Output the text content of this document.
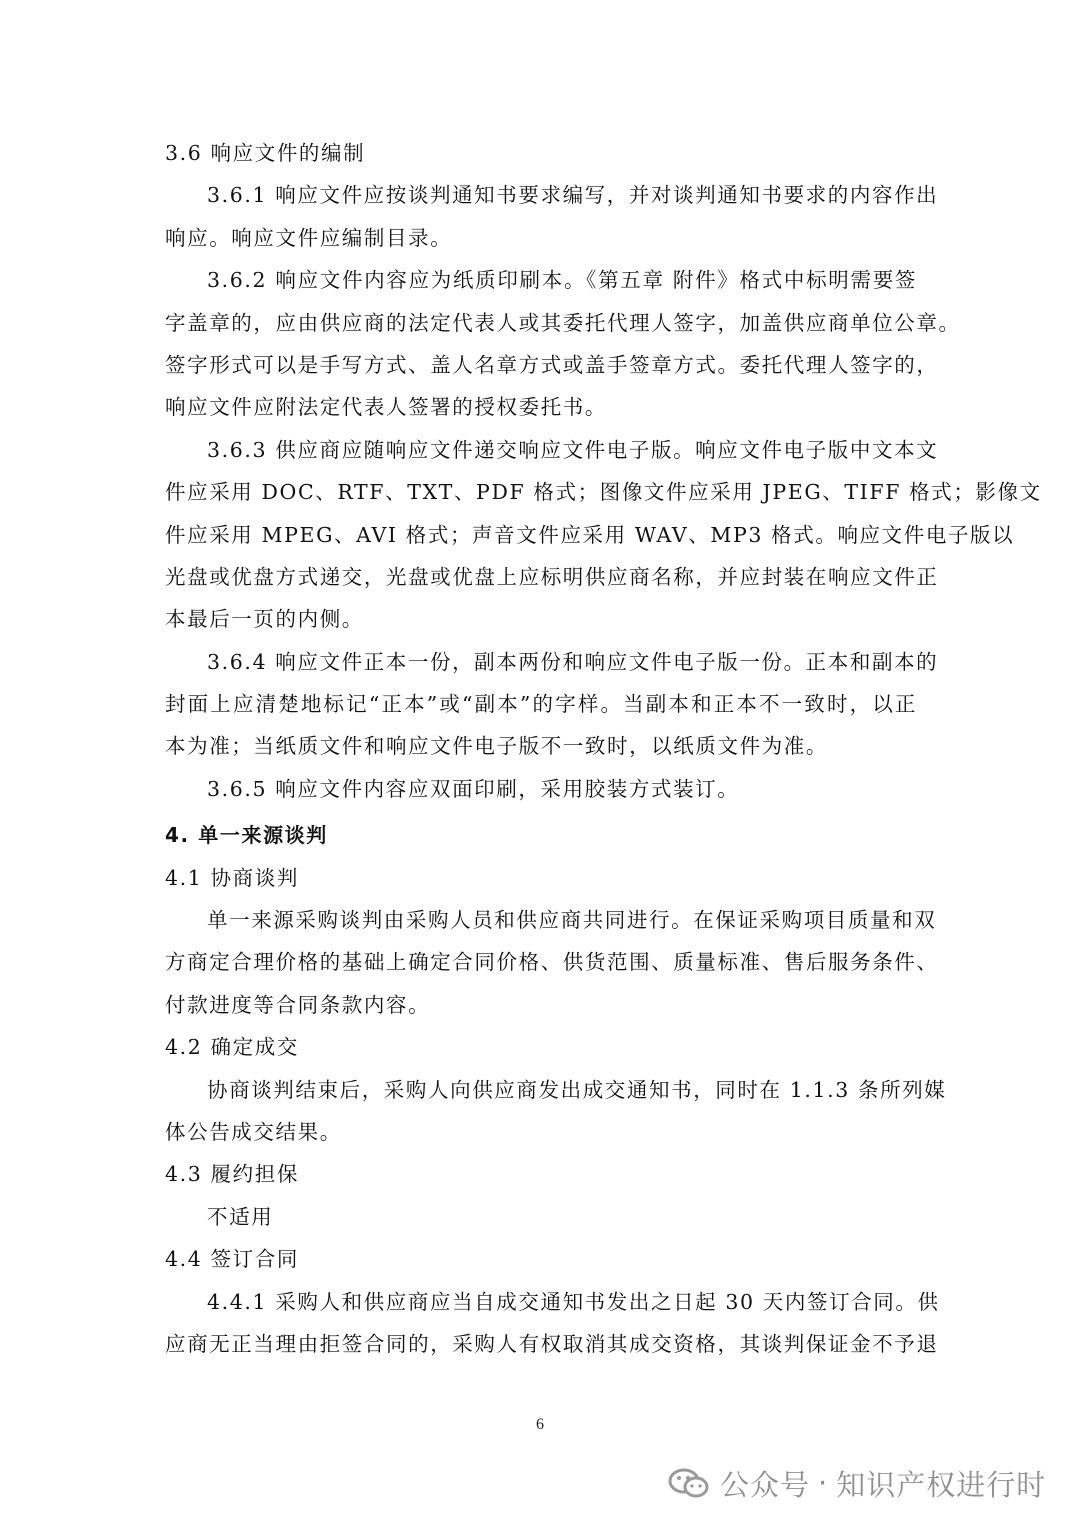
3.6 响应文件的编制
3.6.1 响应文件应按谈判通知书要求编写，并对谈判通知书要求的内容作出
响应。响应文件应编制目录。
3.6.2 响应文件内容应为纸质印刷本。《第五章 附件》格式中标明需要签
字盖章的，应由供应商的法定代表人或其委托代理人签字，加盖供应商单位公章。
签字形式可以是手写方式、盖人名章方式或盖手签章方式。委托代理人签字的，
响应文件应附法定代表人签署的授权委托书。
3.6.3 供应商应随响应文件递交响应文件电子版。响应文件电子版中文本文
件应采用 DOC、RTF、TXT、PDF 格式；图像文件应采用 JPEG、TIFF 格式；影像文
件应采用 MPEG、AVI 格式；声音文件应采用 WAV、MP3 格式。响应文件电子版以
光盘或优盘方式递交，光盘或优盘上应标明供应商名称，并应封装在响应文件正
本最后一页的内侧。
3.6.4 响应文件正本一份，副本两份和响应文件电子版一份。正本和副本的
封面上应清楚地标记“正本”或“副本”的字样。当副本和正本不一致时，以正
本为准；当纸质文件和响应文件电子版不一致时，以纸质文件为准。
3.6.5 响应文件内容应双面印刷，采用胶装方式装订。
4. 单一来源谈判
4.1 协商谈判
单一来源采购谈判由采购人员和供应商共同进行。在保证采购项目质量和双
方商定合理价格的基础上确定合同价格、供货范围、质量标准、售后服务条件、
付款进度等合同条款内容。
4.2 确定成交
协商谈判结束后，采购人向供应商发出成交通知书，同时在 1.1.3 条所列媒
体公告成交结果。
4.3 履约担保
不适用
4.4 签订合同
4.4.1 采购人和供应商应当自成交通知书发出之日起 30 天内签订合同。供
应商无正当理由拒签合同的，采购人有权取消其成交资格，其谈判保证金不予退
6
公众号 · 知识产权进行时
